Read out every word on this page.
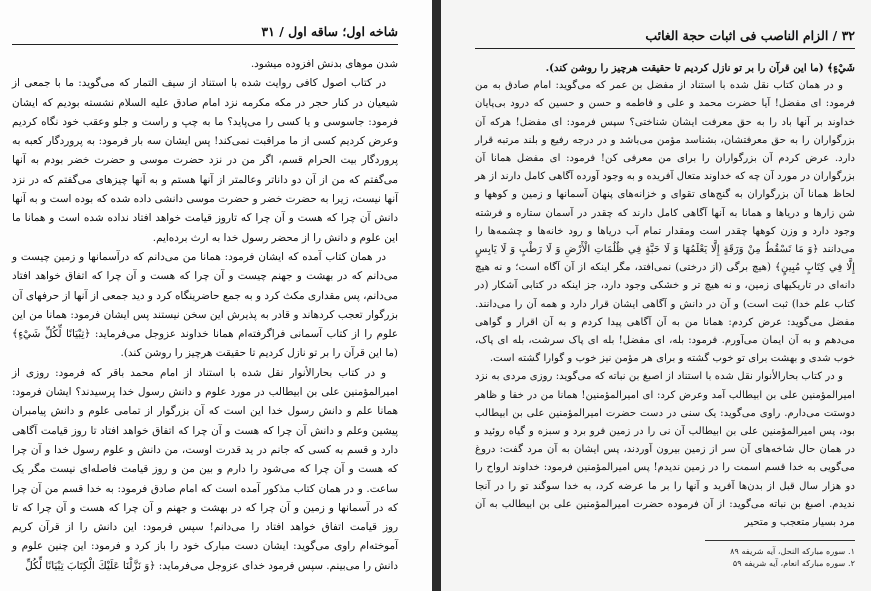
شاخه اول؛ ساقه اول / ۳۱

شدن موهای بدنش افزوده میشود.

در کتاب اصول کافی روایت شده با استناد از سیف التمار که می‌گوید: ما با جمعی از شیعیان در کنار حجر در مکه مکرمه نزد امام صادق علیه السلام نشسته بودیم که ایشان فرمود: جاسوسی و یا کسی را می‌پاید؟ ما به چپ و راست و جلو وعقب خود نگاه کردیم وعرض کردیم کسی از ما مراقبت نمی‌کند! پس ایشان سه بار فرمود: به پروردگار کعبه به پروردگار بیت الحرام قسم، اگر من در نزد حضرت موسی و حضرت خضر بودم به آنها می‌گفتم که من از آن دو داناتر وعالمتر از آنها هستم و به آنها چیزهای می‌گفتم که در نزد آنها نیست، زیرا به حضرت خضر و حضرت موسی دانشی داده شده که بوده است و به آنها دانش آن چرا که هست و آن چرا که تاروز قیامت خواهد افتاد نداده شده است و همانا ما این علوم و دانش را از محضر رسول خدا به ارث برده‌ایم.

در همان کتاب آمده که ایشان فرمود: همانا من می‌دانم که درآسمانها و زمین چیست و می‌دانم که در بهشت و جهنم چیست و آن چرا که هست و آن چرا که اتفاق خواهد افتاد می‌دانم، پس مقداری مکث کرد و به جمع حاضرینگاه کرد و دید جمعی از آنها از حرفهای آن بزرگوار تعجب کردهاند و قادر به پذیرش این سخن نیستند پس ایشان فرمود: همانا من این علوم را از کتاب آسمانی فراگرفته‌ام همانا خداوند عزوجل می‌فرماید: ﴿تِبْيَانًا لِّكُلِّ شَيْءٍ﴾ (ما این قرآن را بر تو نازل کردیم تا حقیقت هرچیز را روشن کند).

و در کتاب بحارالأنوار نقل شده با استناد از امام محمد باقر که فرمود: روزی از امیرالمؤمنین علی بن ابیطالب در مورد علوم و دانش رسول خدا پرسیدند؟ ایشان فرمود: همانا علم و دانش رسول خدا این است که آن بزرگوار از تمامی علوم و دانش پیامبران پیشین وعلم و دانش آن چرا که هست و آن چرا که اتفاق خواهد افتاد تا روز قیامت آگاهی دارد و قسم به کسی که جانم در ید قدرت اوست، من دانش و علوم رسول خدا و آن چرا که هست و آن چرا که می‌شود را دارم و بین من و روز قیامت فاصله‌ای نیست مگر یک ساعت. و در همان کتاب مذکور آمده است که امام صادق فرمود: به خدا قسم من آن چرا که در آسمانها و زمین و آن چرا که در بهشت و جهنم و آن چرا که هست و آن چرا که تا روز قیامت اتفاق خواهد افتاد را می‌دانم! سپس فرمود: این دانش را از قرآن کریم آموخته‌ام راوی می‌گوید: ایشان دست مبارک خود را باز کرد و فرمود: این چنین علوم و دانش را می‌بینم. سپس فرمود خدای عزوجل می‌فرماید: ﴿وَ نَزَّلْنَا عَلَيْكَ الْكِتَابَ تِبْيَانًا لِّكُلِّ

۳۲ / الزام الناصب فی اثبات حجة الغائب

شَيْءٍ﴾ (ما این قرآن را بر تو نازل کردیم تا حقیقت هرچیز را روشن کند).

و در همان کتاب نقل شده با استناد از مفضل بن عمر که می‌گوید: امام صادق به من فرمود: ای مفضل! آیا حضرت محمد و علی و فاطمه و حسن و حسین که درود بی‌پایان خداوند بر آنها باد را به حق معرفت ایشان شناختی؟ سپس فرمود: ای مفضل! هرکه آن بزرگواران را به حق معرفتشان، بشناسد مؤمن می‌باشد و در درجه رفیع و بلند مرتبه قرار دارد. عرض کردم آن بزرگواران را برای من معرفی کن! فرمود: ای مفضل همانا آن بزرگواران در مورد آن چه که خداوند متعال آفریده و به وجود آورده آگاهی کامل دارند از هر لحاظ همانا آن بزرگواران به گنج‌های تقوای و خزانه‌های پنهان آسمانها و زمین و کوهها و شن زارها و دریاها و همانا به آنها آگاهی کامل دارند که چقدر در آسمان ستاره و فرشته وجود دارد و وزن کوهها چقدر است ومقدار تمام آب دریاها و رود خانه‌ها و چشمه‌ها را می‌دانند ﴿وَ مَا تَسْقُطُ مِنْ وَرَقَةٍ إِلَّا يَعْلَمُهَا وَ لَا حَبَّةٍ فِي ظُلُمَاتِ الْأَرْضِ وَ لَا رَطْبٍ وَ لَا يَابِسٍ إِلَّا فِي كِتَابٍ مُبِينٍ﴾ (هیچ برگی (از درختی) نمی‌افتد، مگر اینکه از آن آگاه است؛ و نه هیچ دانه‌ای در تاریکیهای زمین، و نه هیچ تر و خشکی وجود دارد، جز اینکه در کتابی آشکار (در کتاب علم خدا) ثبت است) و آن در دانش و آگاهی ایشان قرار دارد و همه آن را می‌دانند. مفضل می‌گوید: عرض کردم: همانا من به آن آگاهی پیدا کردم و به آن اقرار و گواهی می‌دهم و به آن ایمان می‌آورم. فرمود: بله، ای مفضل! بله ای پاک سرشت، بله ای پاک، خوب شدی و بهشت برای تو خوب گشته و برای هر مؤمن نیز خوب و گوارا گشته است.

و در کتاب بحارالأنوار نقل شده با استناد از اصبغ بن نباته که می‌گوید: روزی مردی به نزد امیرالمؤمنین علی بن ابیطالب آمد وعرض کرد: ای امیرالمؤمنین! همانا من در خفا و ظاهر دوستت می‌دارم. راوی می‌گوید: یک سنی در دست حضرت امیرالمؤمنین علی بن ابیطالب بود، پس امیرالمؤمنین علی بن ابیطالب آن نی را در زمین فرو برد و سبزه و گیاه روئید و در همان حال شاخه‌های آن سر از زمین بیرون آوردند، پس ایشان به آن مرد گفت: دروغ می‌گویی به خدا قسم اسمت را در زمین ندیدم! پس امیرالمؤمنین فرمود: خداوند ارواح را دو هزار سال قبل از بدن‌ها آفرید و آنها را بر ما عرضه کرد، به خدا سوگند تو را در آنجا ندیدم. اصبغ بن نباته می‌گوید: از آن فرموده حضرت امیرالمؤمنین علی بن ابیطالب به آن مرد بسیار متعجب و متحیر

۱. سوره مبارکه النحل، آیه شریفه ۸۹
۲. سوره مبارکه انعام، آیه شریفه ۵۹
